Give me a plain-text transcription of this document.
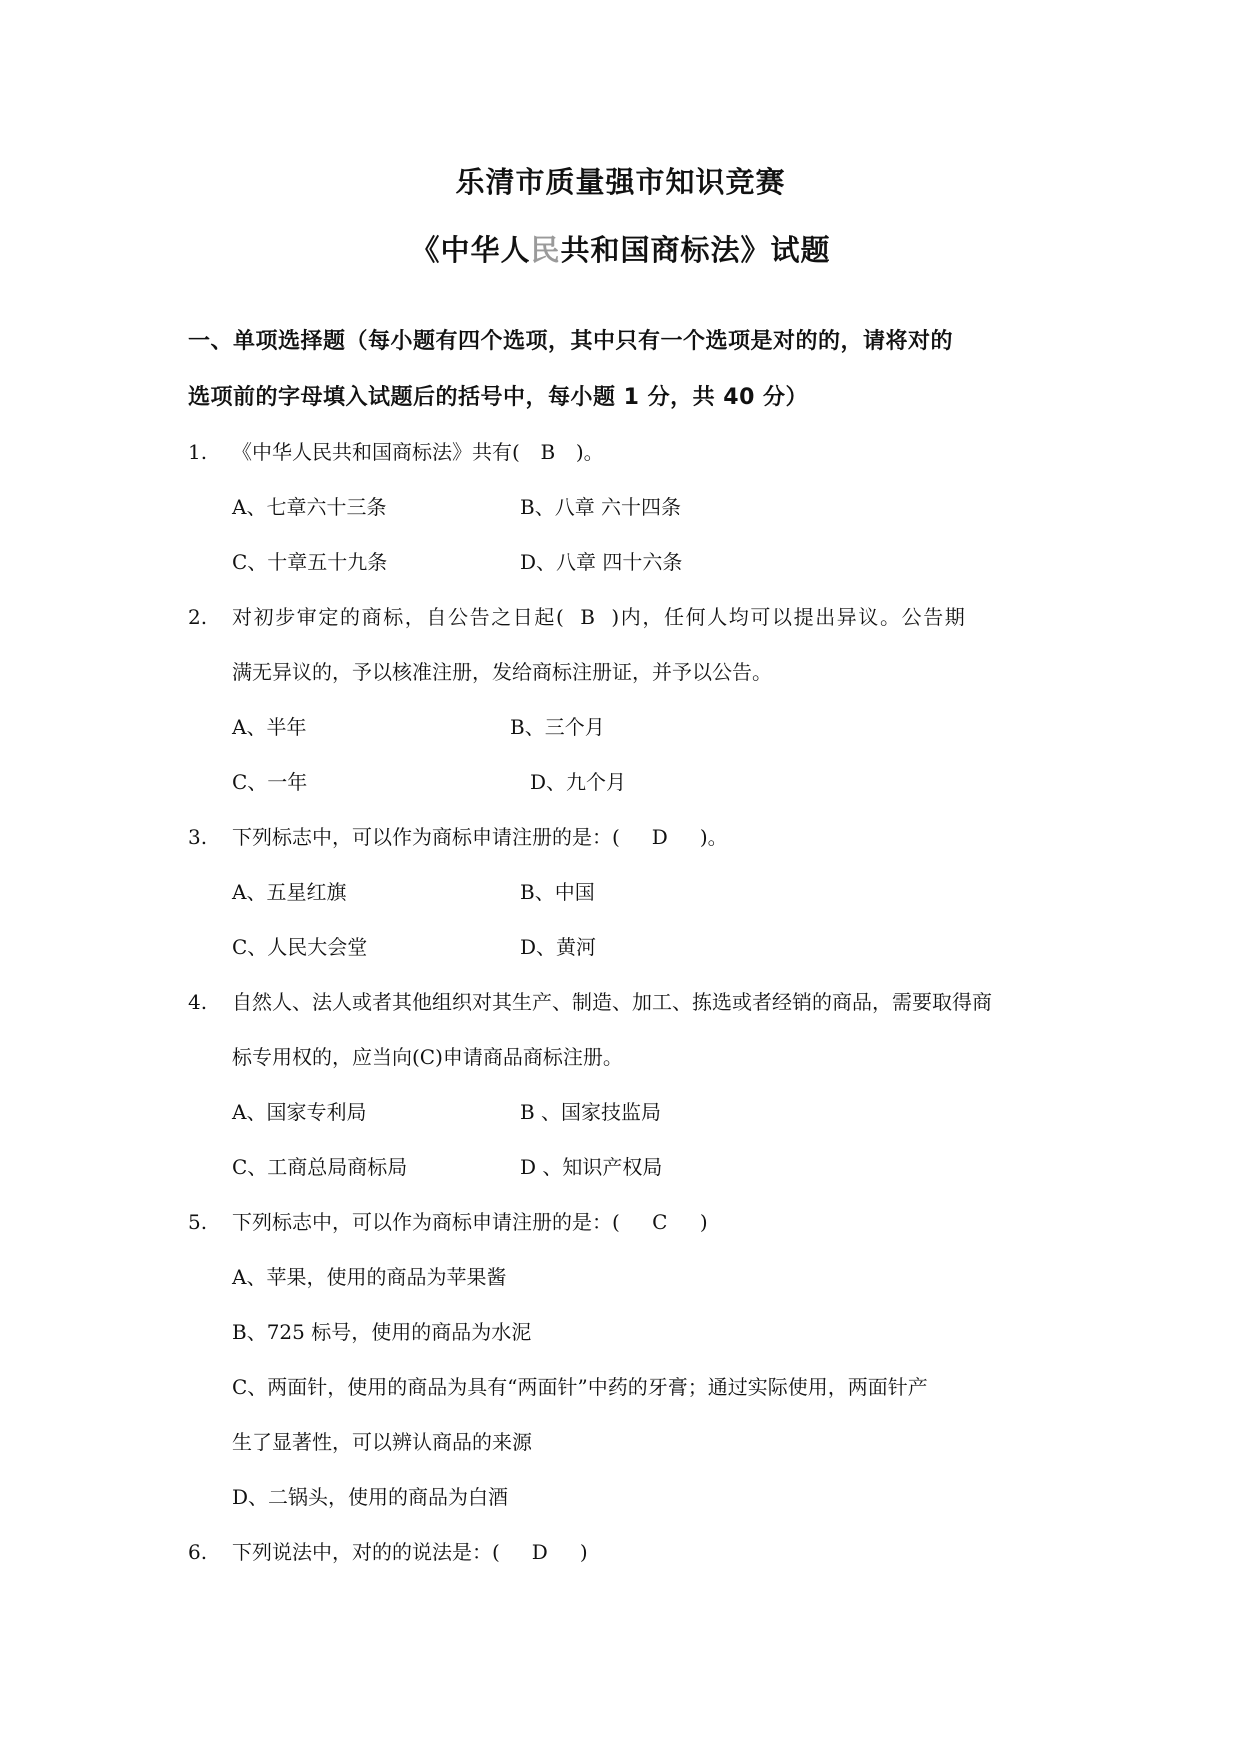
乐清市质量强市知识竞赛
《中华人民共和国商标法》试题
一、单项选择题（每小题有四个选项，其中只有一个选项是对的的，请将对的
选项前的字母填入试题后的括号中，每小题 1 分，共 40 分）
1. 《中华人民共和国商标法》共有( B )。
A、七章六十三条	B、八章 六十四条
C、十章五十九条	D、八章 四十六条
2. 对初步审定的商标，自公告之日起( B )内，任何人均可以提出异议。公告期
满无异议的，予以核准注册，发给商标注册证，并予以公告。
A、半年	B、三个月
C、一年	D、九个月
3. 下列标志中，可以作为商标申请注册的是：( D )。
A、五星红旗	B、中国
C、人民大会堂	D、黄河
4. 自然人、法人或者其他组织对其生产、制造、加工、拣选或者经销的商品，需要取得商
标专用权的，应当向(C)申请商品商标注册。
A、国家专利局	B 、国家技监局
C、工商总局商标局	D 、知识产权局
5. 下列标志中，可以作为商标申请注册的是：( C )
A、苹果，使用的商品为苹果酱
B、725 标号，使用的商品为水泥
C、两面针，使用的商品为具有“两面针”中药的牙膏；通过实际使用，两面针产
生了显著性，可以辨认商品的来源
D、二锅头，使用的商品为白酒
6. 下列说法中，对的的说法是：( D )
